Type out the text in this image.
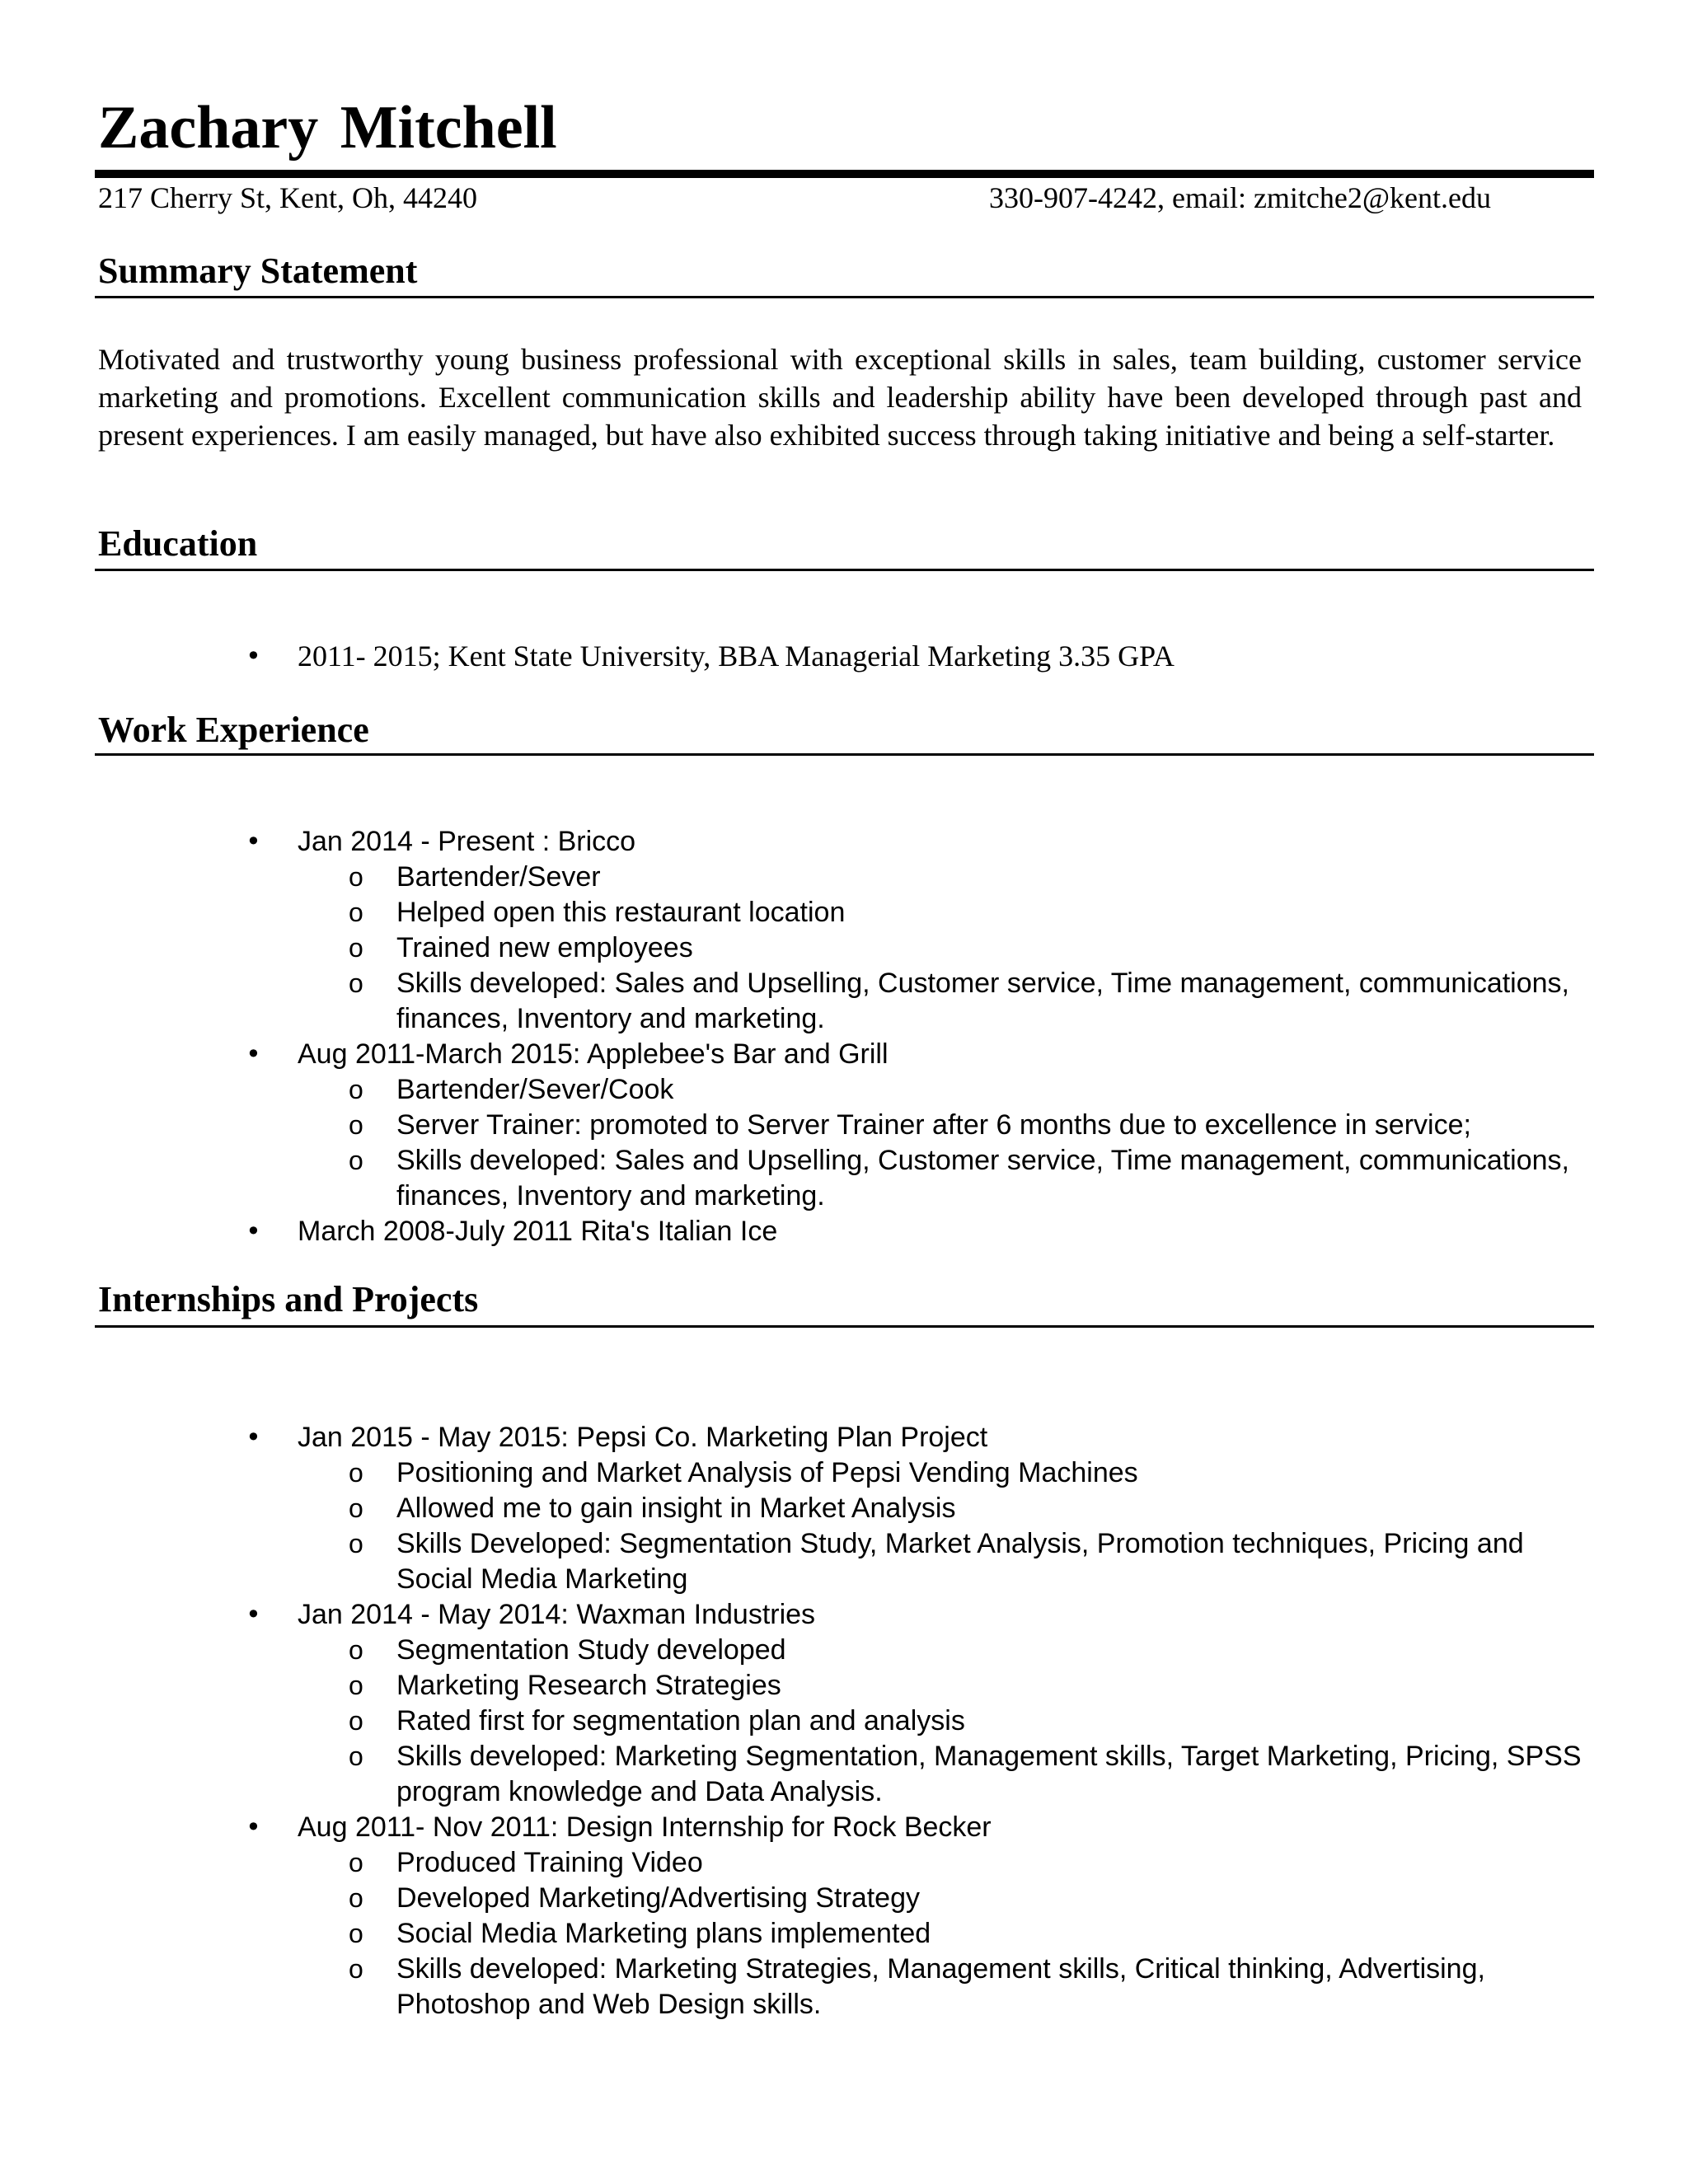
Zachary Mitchell
217 Cherry St, Kent, Oh, 44240	330-907-4242, email: zmitche2@kent.edu
Summary Statement

Motivated and trustworthy young business professional with exceptional skills in sales, team building, customer service marketing and promotions. Excellent communication skills and leadership ability have been developed through past and present experiences. I am easily managed, but have also exhibited success through taking initiative and being a self-starter.

Education
• 2011- 2015; Kent State University, BBA Managerial Marketing 3.35 GPA
Work Experience
• Jan 2014 - Present : Bricco
o Bartender/Sever
o Helped open this restaurant location
o Trained new employees
o Skills developed: Sales and Upselling, Customer service, Time management, communications, finances, Inventory and marketing.
• Aug 2011-March 2015: Applebee's Bar and Grill
o Bartender/Sever/Cook
o Server Trainer: promoted to Server Trainer after 6 months due to excellence in service;
o Skills developed: Sales and Upselling, Customer service, Time management, communications, finances, Inventory and marketing.
• March 2008-July 2011 Rita's Italian Ice
Internships and Projects
• Jan 2015 - May 2015: Pepsi Co. Marketing Plan Project
o Positioning and Market Analysis of Pepsi Vending Machines
o Allowed me to gain insight in Market Analysis
o Skills Developed: Segmentation Study, Market Analysis, Promotion techniques, Pricing and Social Media Marketing
• Jan 2014 - May 2014: Waxman Industries
o Segmentation Study developed
o Marketing Research Strategies
o Rated first for segmentation plan and analysis
o Skills developed: Marketing Segmentation, Management skills, Target Marketing, Pricing, SPSS program knowledge and Data Analysis.
• Aug 2011- Nov 2011: Design Internship for Rock Becker
o Produced Training Video
o Developed Marketing/Advertising Strategy
o Social Media Marketing plans implemented
o Skills developed: Marketing Strategies, Management skills, Critical thinking, Advertising, Photoshop and Web Design skills.
